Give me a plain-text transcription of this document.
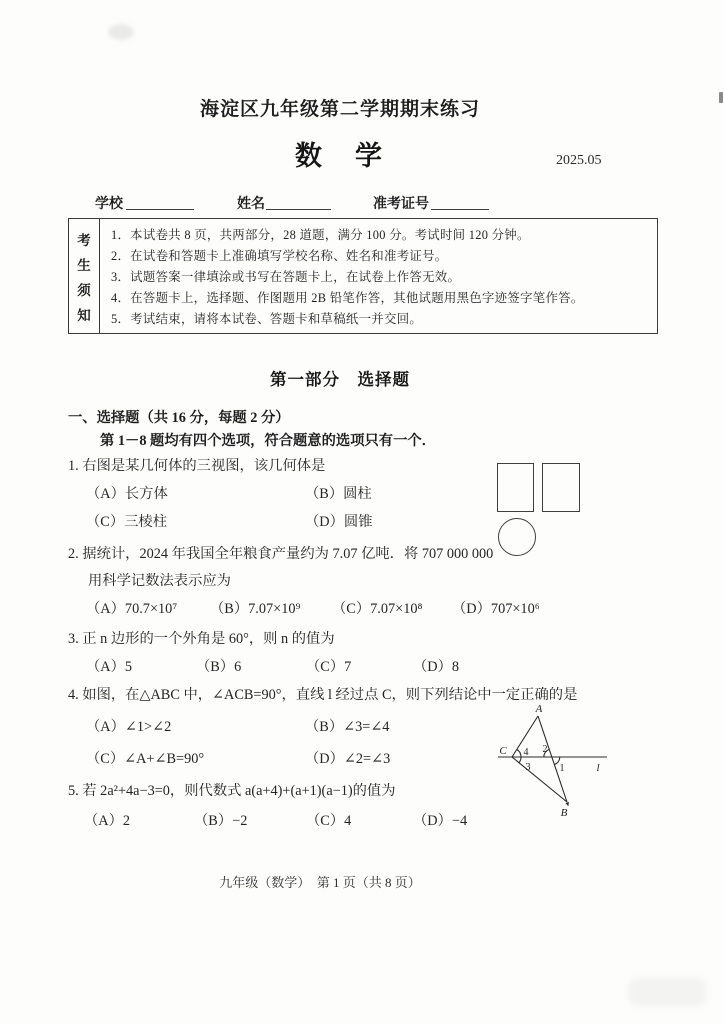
海淀区九年级第二学期期末练习
数　学	2025.05
学校	姓名	准考证号
考
生
须
知
1．本试卷共 8 页，共两部分，28 道题，满分 100 分。考试时间 120 分钟。
2．在试卷和答题卡上准确填写学校名称、姓名和准考证号。
3．试题答案一律填涂或书写在答题卡上，在试卷上作答无效。
4．在答题卡上，选择题、作图题用 2B 铅笔作答，其他试题用黑色字迹签字笔作答。
5．考试结束，请将本试卷、答题卡和草稿纸一并交回。
第一部分　选择题
一、选择题（共 16 分，每题 2 分）
第 1－8 题均有四个选项，符合题意的选项只有一个．
1. 右图是某几何体的三视图，该几何体是
（A）长方体	（B）圆柱
（C）三棱柱	（D）圆锥
2. 据统计，2024 年我国全年粮食产量约为 7.07 亿吨．将 707 000 000
用科学记数法表示应为
（A）70.7×10⁷ （B）7.07×10⁹ （C）7.07×10⁸ （D）707×10⁶
3. 正 n 边形的一个外角是 60°，则 n 的值为
（A）5	（B）6	（C）7	（D）8
4. 如图，在△ABC 中，∠ACB=90°，直线 l 经过点 C，则下列结论中一定正确的是
（A）∠1>∠2	（B）∠3=∠4
（C）∠A+∠B=90°	（D）∠2=∠3
A
B
C
l
4 2
3	1
5. 若 2a²+4a−3=0，则代数式 a(a+4)+(a+1)(a−1)的值为
（A）2	（B）−2	（C）4	（D）−4
九年级（数学）  第 1 页（共 8 页）
